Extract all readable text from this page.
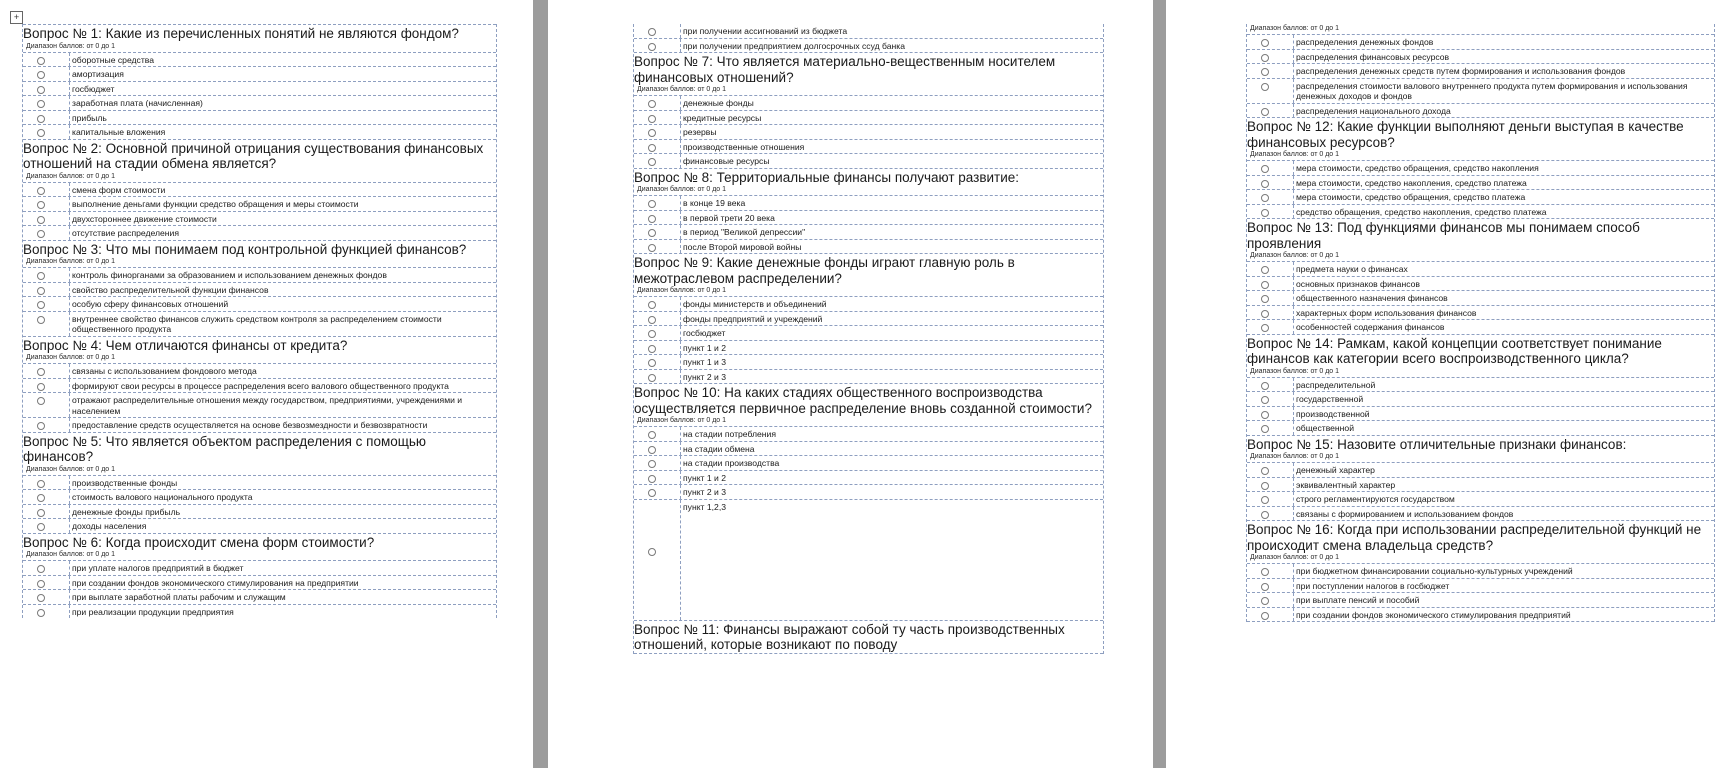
+
Вопрос № 1: Какие из перечисленных понятий не являются фондом?
Диапазон баллов: от 0 до 1
оборотные средства
амортизация
госбюджет
заработная плата (начисленная)
прибыль
капитальные вложения
Вопрос № 2: Основной причиной отрицания существования финансовых отношений на стадии обмена является?
Диапазон баллов: от 0 до 1
смена форм стоимости
выполнение деньгами функции средство обращения и меры стоимости
двухстороннее движение стоимости
отсутствие распределения
Вопрос № 3: Что мы понимаем под контрольной функцией финансов?
Диапазон баллов: от 0 до 1
контроль финорганами за образованием и использованием денежных фондов
свойство распределительной функции финансов
особую сферу финансовых отношений
внутреннее свойство финансов служить средством контроля за распределением стоимости общественного продукта
Вопрос № 4: Чем отличаются финансы от кредита?
Диапазон баллов: от 0 до 1
связаны с использованием фондового метода
формируют свои ресурсы в процессе распределения всего валового общественного продукта
отражают распределительные отношения между государством, предприятиями, учреждениями и населением
предоставление средств осуществляется на основе безвозмездности и безвозвратности
Вопрос № 5: Что является объектом распределения с помощью финансов?
Диапазон баллов: от 0 до 1
производственные фонды
стоимость валового национального продукта
денежные фонды прибыль
доходы населения
Вопрос № 6: Когда происходит смена форм стоимости?
Диапазон баллов: от 0 до 1
при уплате налогов предприятий в бюджет
при создании фондов экономического стимулирования на предприятии
при выплате заработной платы рабочим и служащим
при реализации продукции предприятия
при получении ассигнований из бюджета
при получении предприятием долгосрочных ссуд банка
Вопрос № 7: Что является материально-вещественным носителем финансовых отношений?
Диапазон баллов: от 0 до 1
денежные фонды
кредитные ресурсы
резервы
производственные отношения
финансовые ресурсы
Вопрос № 8: Территориальные финансы получают развитие:
Диапазон баллов: от 0 до 1
в конце 19 века
в первой трети 20 века
в период "Великой депрессии"
после Второй мировой войны
Вопрос № 9: Какие денежные фонды играют главную роль в межотраслевом распределении?
Диапазон баллов: от 0 до 1
фонды министерств и объединений
фонды предприятий и учреждений
госбюджет
пункт 1 и 2
пункт 1 и 3
пункт 2 и 3
Вопрос № 10: На каких стадиях общественного воспроизводства осуществляется первичное распределение вновь созданной стоимости?
Диапазон баллов: от 0 до 1
на стадии потребления
на стадии обмена
на стадии производства
пункт 1 и 2
пункт 2 и 3
пункт 1,2,3
Вопрос № 11: Финансы выражают собой ту часть производственных отношений, которые возникают по поводу
Диапазон баллов: от 0 до 1
распределения денежных фондов
распределения финансовых ресурсов
распределения денежных средств путем формирования и использования фондов
распределения стоимости валового внутреннего продукта путем формирования и использования денежных доходов и фондов
распределения национального дохода
Вопрос № 12: Какие функции выполняют деньги выступая в качестве финансовых ресурсов?
Диапазон баллов: от 0 до 1
мера стоимости, средство обращения, средство накопления
мера стоимости, средство накопления, средство платежа
мера стоимости, средство обращения, средство платежа
средство обращения, средство накопления, средство платежа
Вопрос № 13: Под функциями финансов мы понимаем способ проявления
Диапазон баллов: от 0 до 1
предмета науки о финансах
основных признаков финансов
общественного назначения финансов
характерных форм использования финансов
особенностей содержания финансов
Вопрос № 14: Рамкам, какой концепции соответствует понимание финансов как категории всего воспроизводственного цикла?
Диапазон баллов: от 0 до 1
распределительной
государственной
производственной
общественной
Вопрос № 15: Назовите отличительные признаки финансов:
Диапазон баллов: от 0 до 1
денежный характер
эквивалентный характер
строго регламентируются государством
связаны с формированием и использованием фондов
Вопрос № 16: Когда при использовании распределительной функций не происходит смена владельца средств?
Диапазон баллов: от 0 до 1
при бюджетном финансировании социально-культурных учреждений
при поступлении налогов в госбюджет
при выплате пенсий и пособий
при создании фондов экономического стимулирования предприятий
